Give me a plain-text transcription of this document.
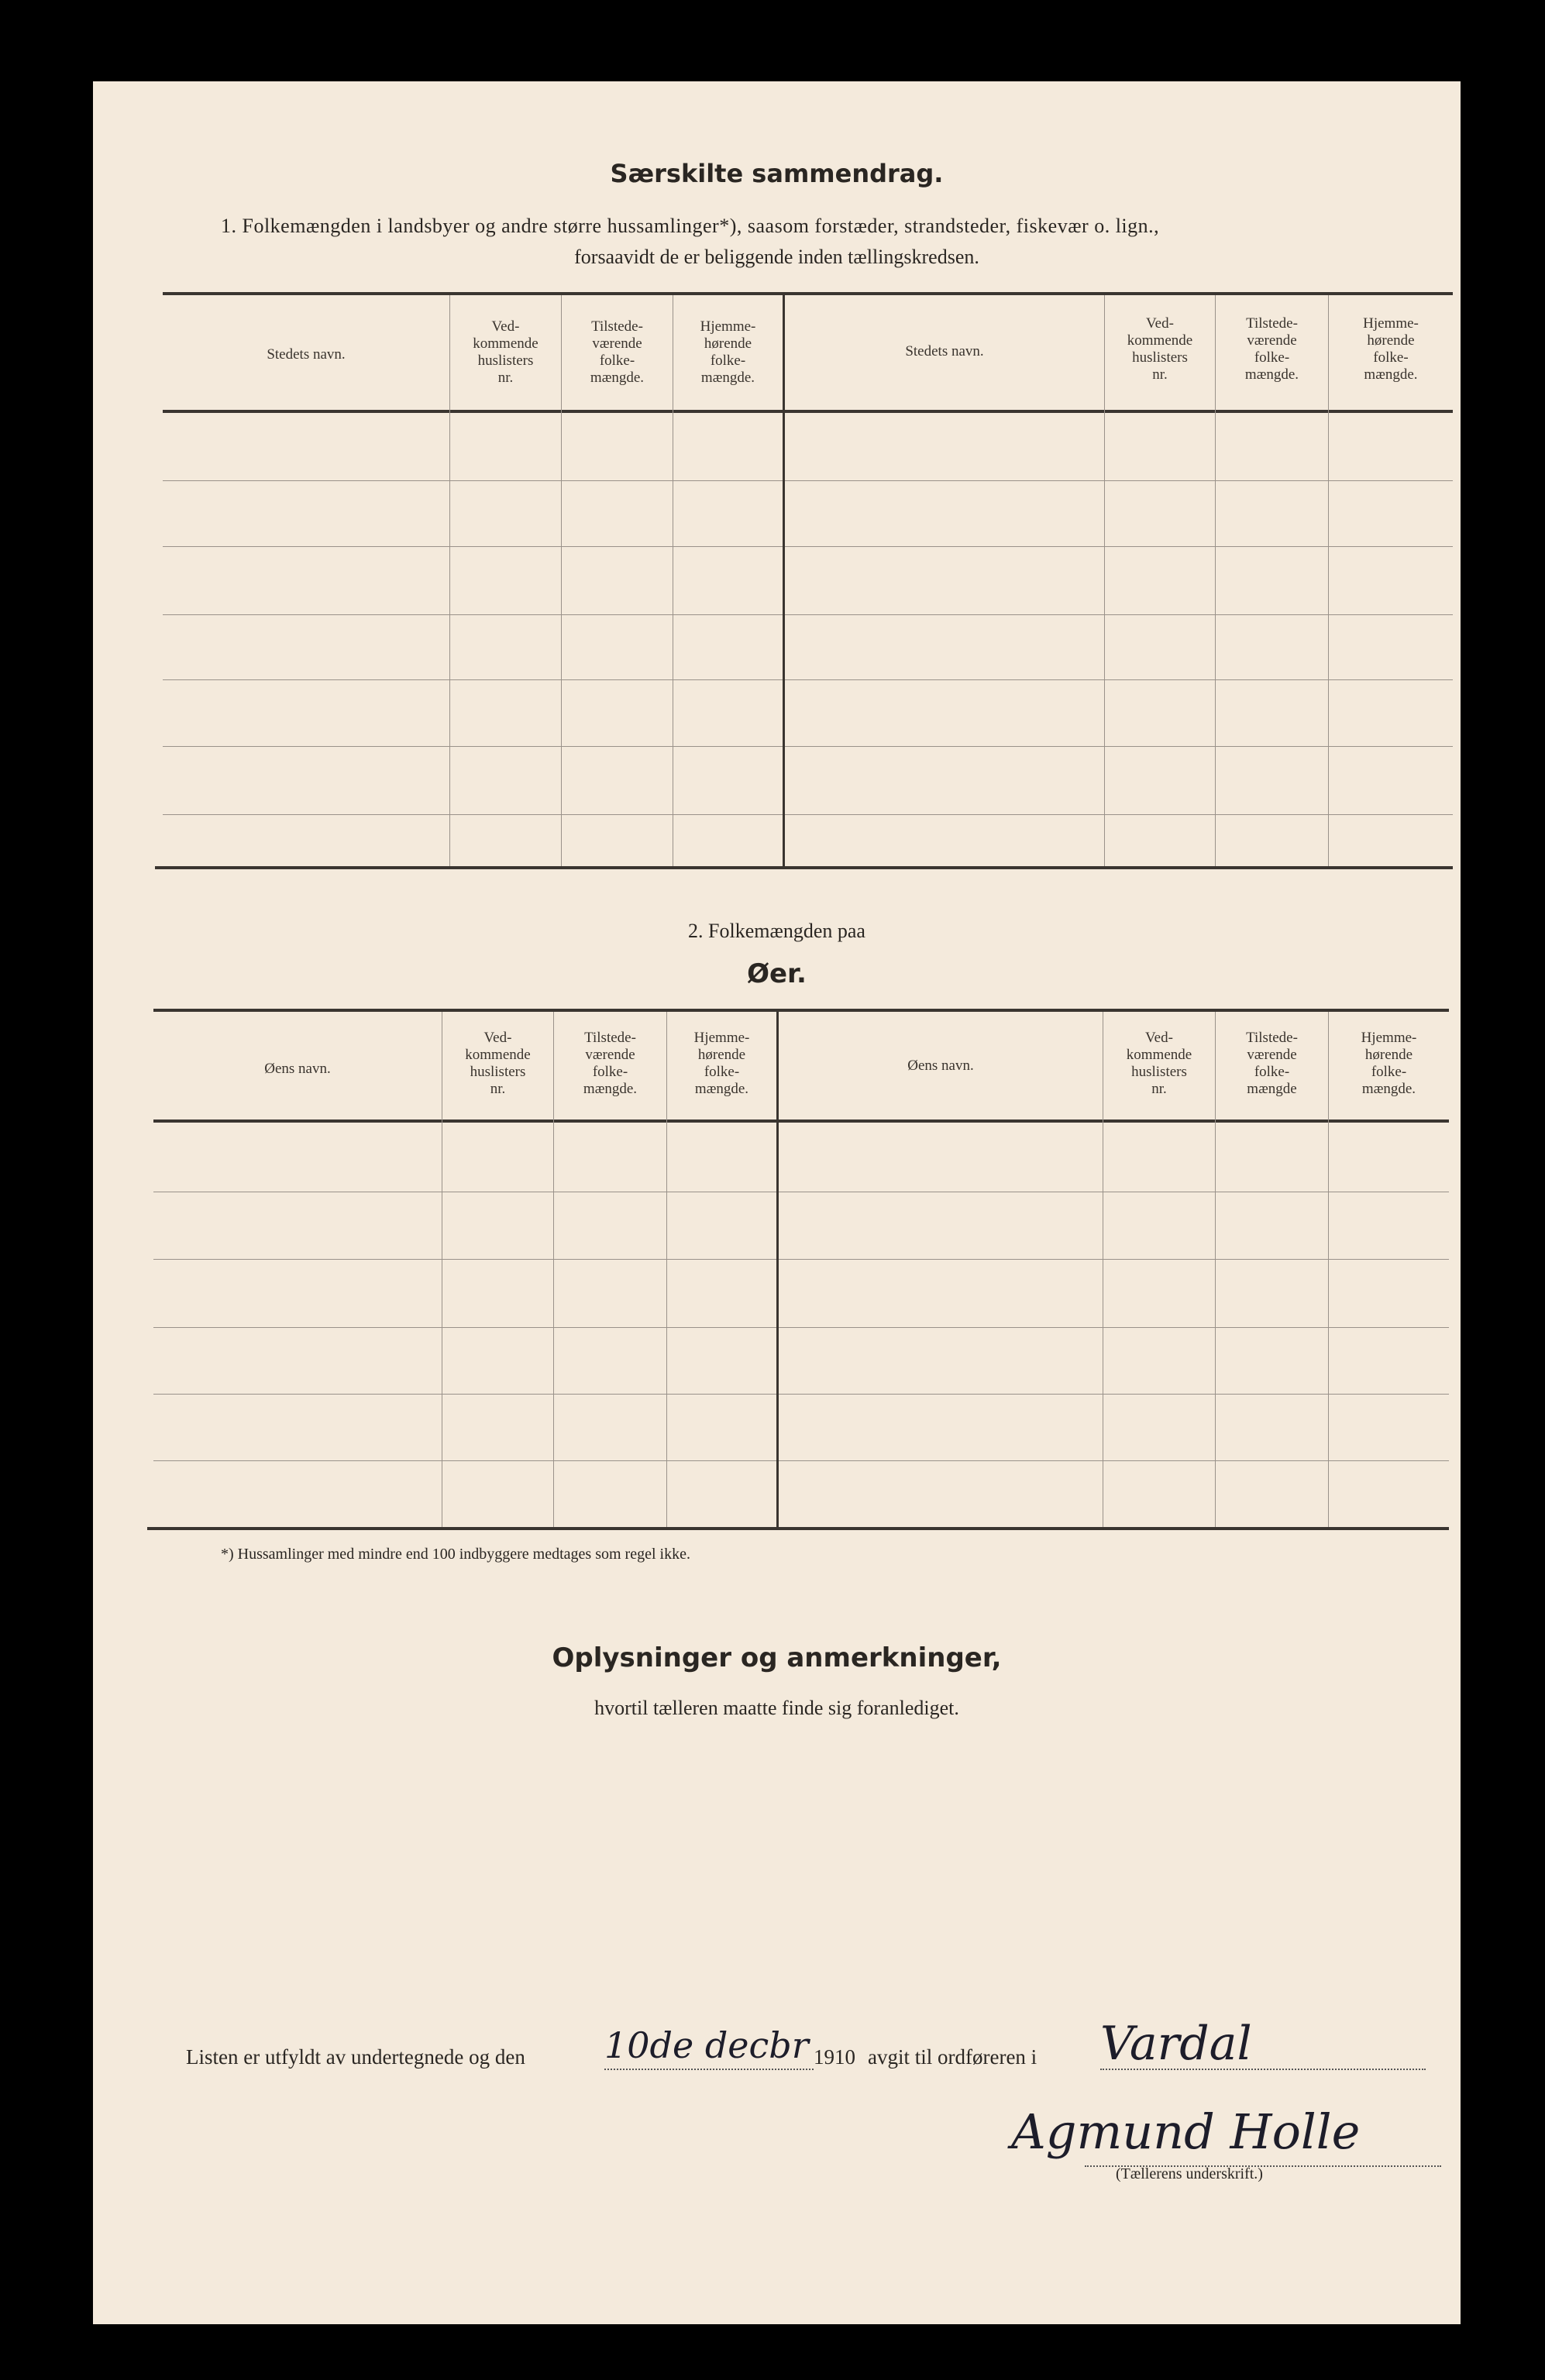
Særskilte sammendrag.
1. Folkemængden i landsbyer og andre større hussamlinger*), saasom forstæder, strandsteder, fiskevær o. lign.,
forsaavidt de er beliggende inden tællingskredsen.
Stedets navn.
Ved-
kommende
huslisters
nr.
Tilstede-
værende
folke-
mængde.
Hjemme-
hørende
folke-
mængde.
Stedets navn.
Ved-
kommende
huslisters
nr.
Tilstede-
værende
folke-
mængde.
Hjemme-
hørende
folke-
mængde.
2. Folkemængden paa
Øer.
Øens navn.
Ved-
kommende
huslisters
nr.
Tilstede-
værende
folke-
mængde.
Hjemme-
hørende
folke-
mængde.
Øens navn.
Ved-
kommende
huslisters
nr.
Tilstede-
værende
folke-
mængde
Hjemme-
hørende
folke-
mængde.
*) Hussamlinger med mindre end 100 indbyggere medtages som regel ikke.
Oplysninger og anmerkninger,
hvortil tælleren maatte finde sig foranlediget.
Listen er utfyldt av undertegnede og den 10de decbr 1910 avgit til ordføreren i Vardal
Agmund Holle
(Tællerens underskrift.)
